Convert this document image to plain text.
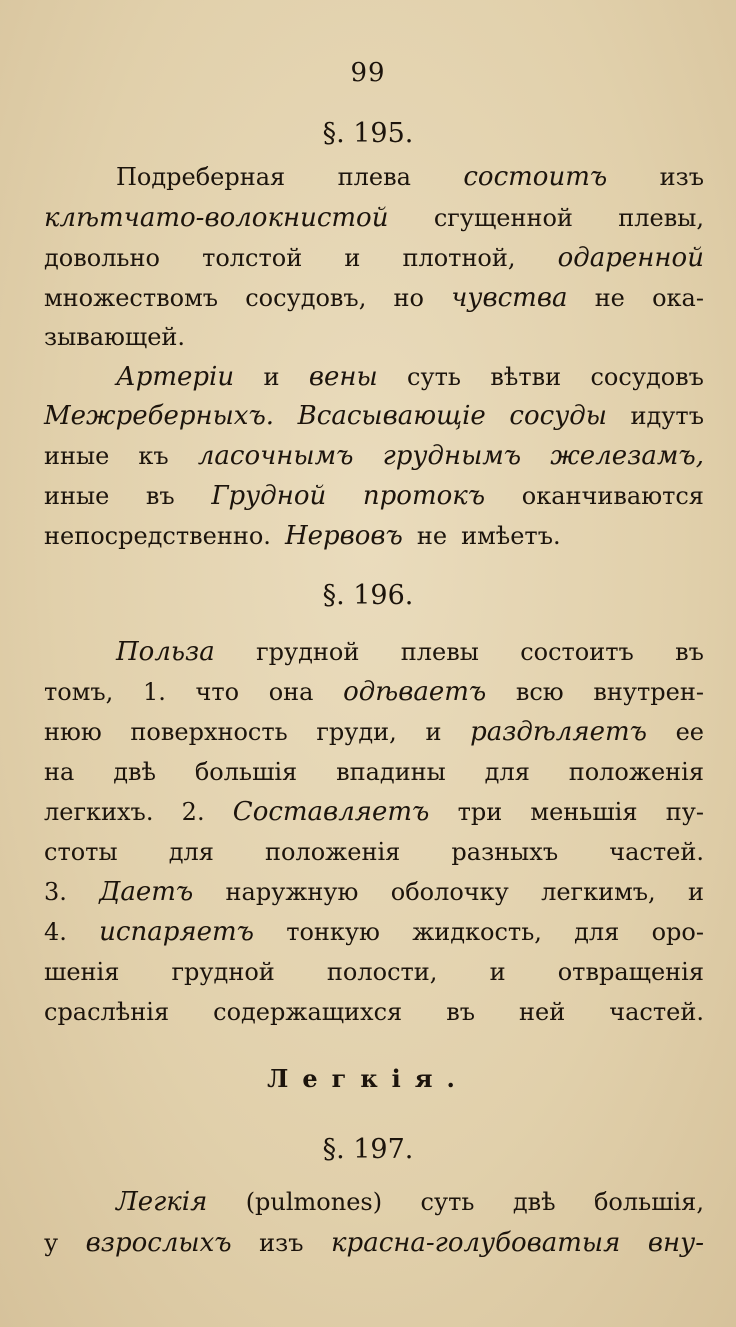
99
§. 195.
Подреберная плева состоитъ изъ
клѣтчато-волокнистой сгущенной плевы,
довольно толстой и плотной, одаренной
множествомъ сосудовъ, но чувства не ока-
зывающей.
Артеріи и вены суть вѣтви сосудовъ
Межреберныхъ. Всасывающіе сосуды идутъ
иные къ ласочнымъ груднымъ железамъ,
иные въ Грудной протокъ оканчиваются
непосредственно. Нервовъ не имѣетъ.
§. 196.
Польза грудной плевы состоитъ въ
томъ, 1. что она одѣваетъ всю внутрен-
нюю поверхность груди, и раздѣляетъ ее
на двѣ большія впадины для положенія
легкихъ. 2. Составляетъ три меньшія пу-
стоты для положенія разныхъ частей.
3. Даетъ наружную оболочку легкимъ, и
4. испаряетъ тонкую жидкость, для оро-
шенія грудной полости, и отвращенія
сраслѣнія содержащихся въ ней частей.
Легкія.
§. 197.
Легкія (pulmones) суть двѣ большія,
у взрослыхъ изъ красна-голубоватыя вну-
